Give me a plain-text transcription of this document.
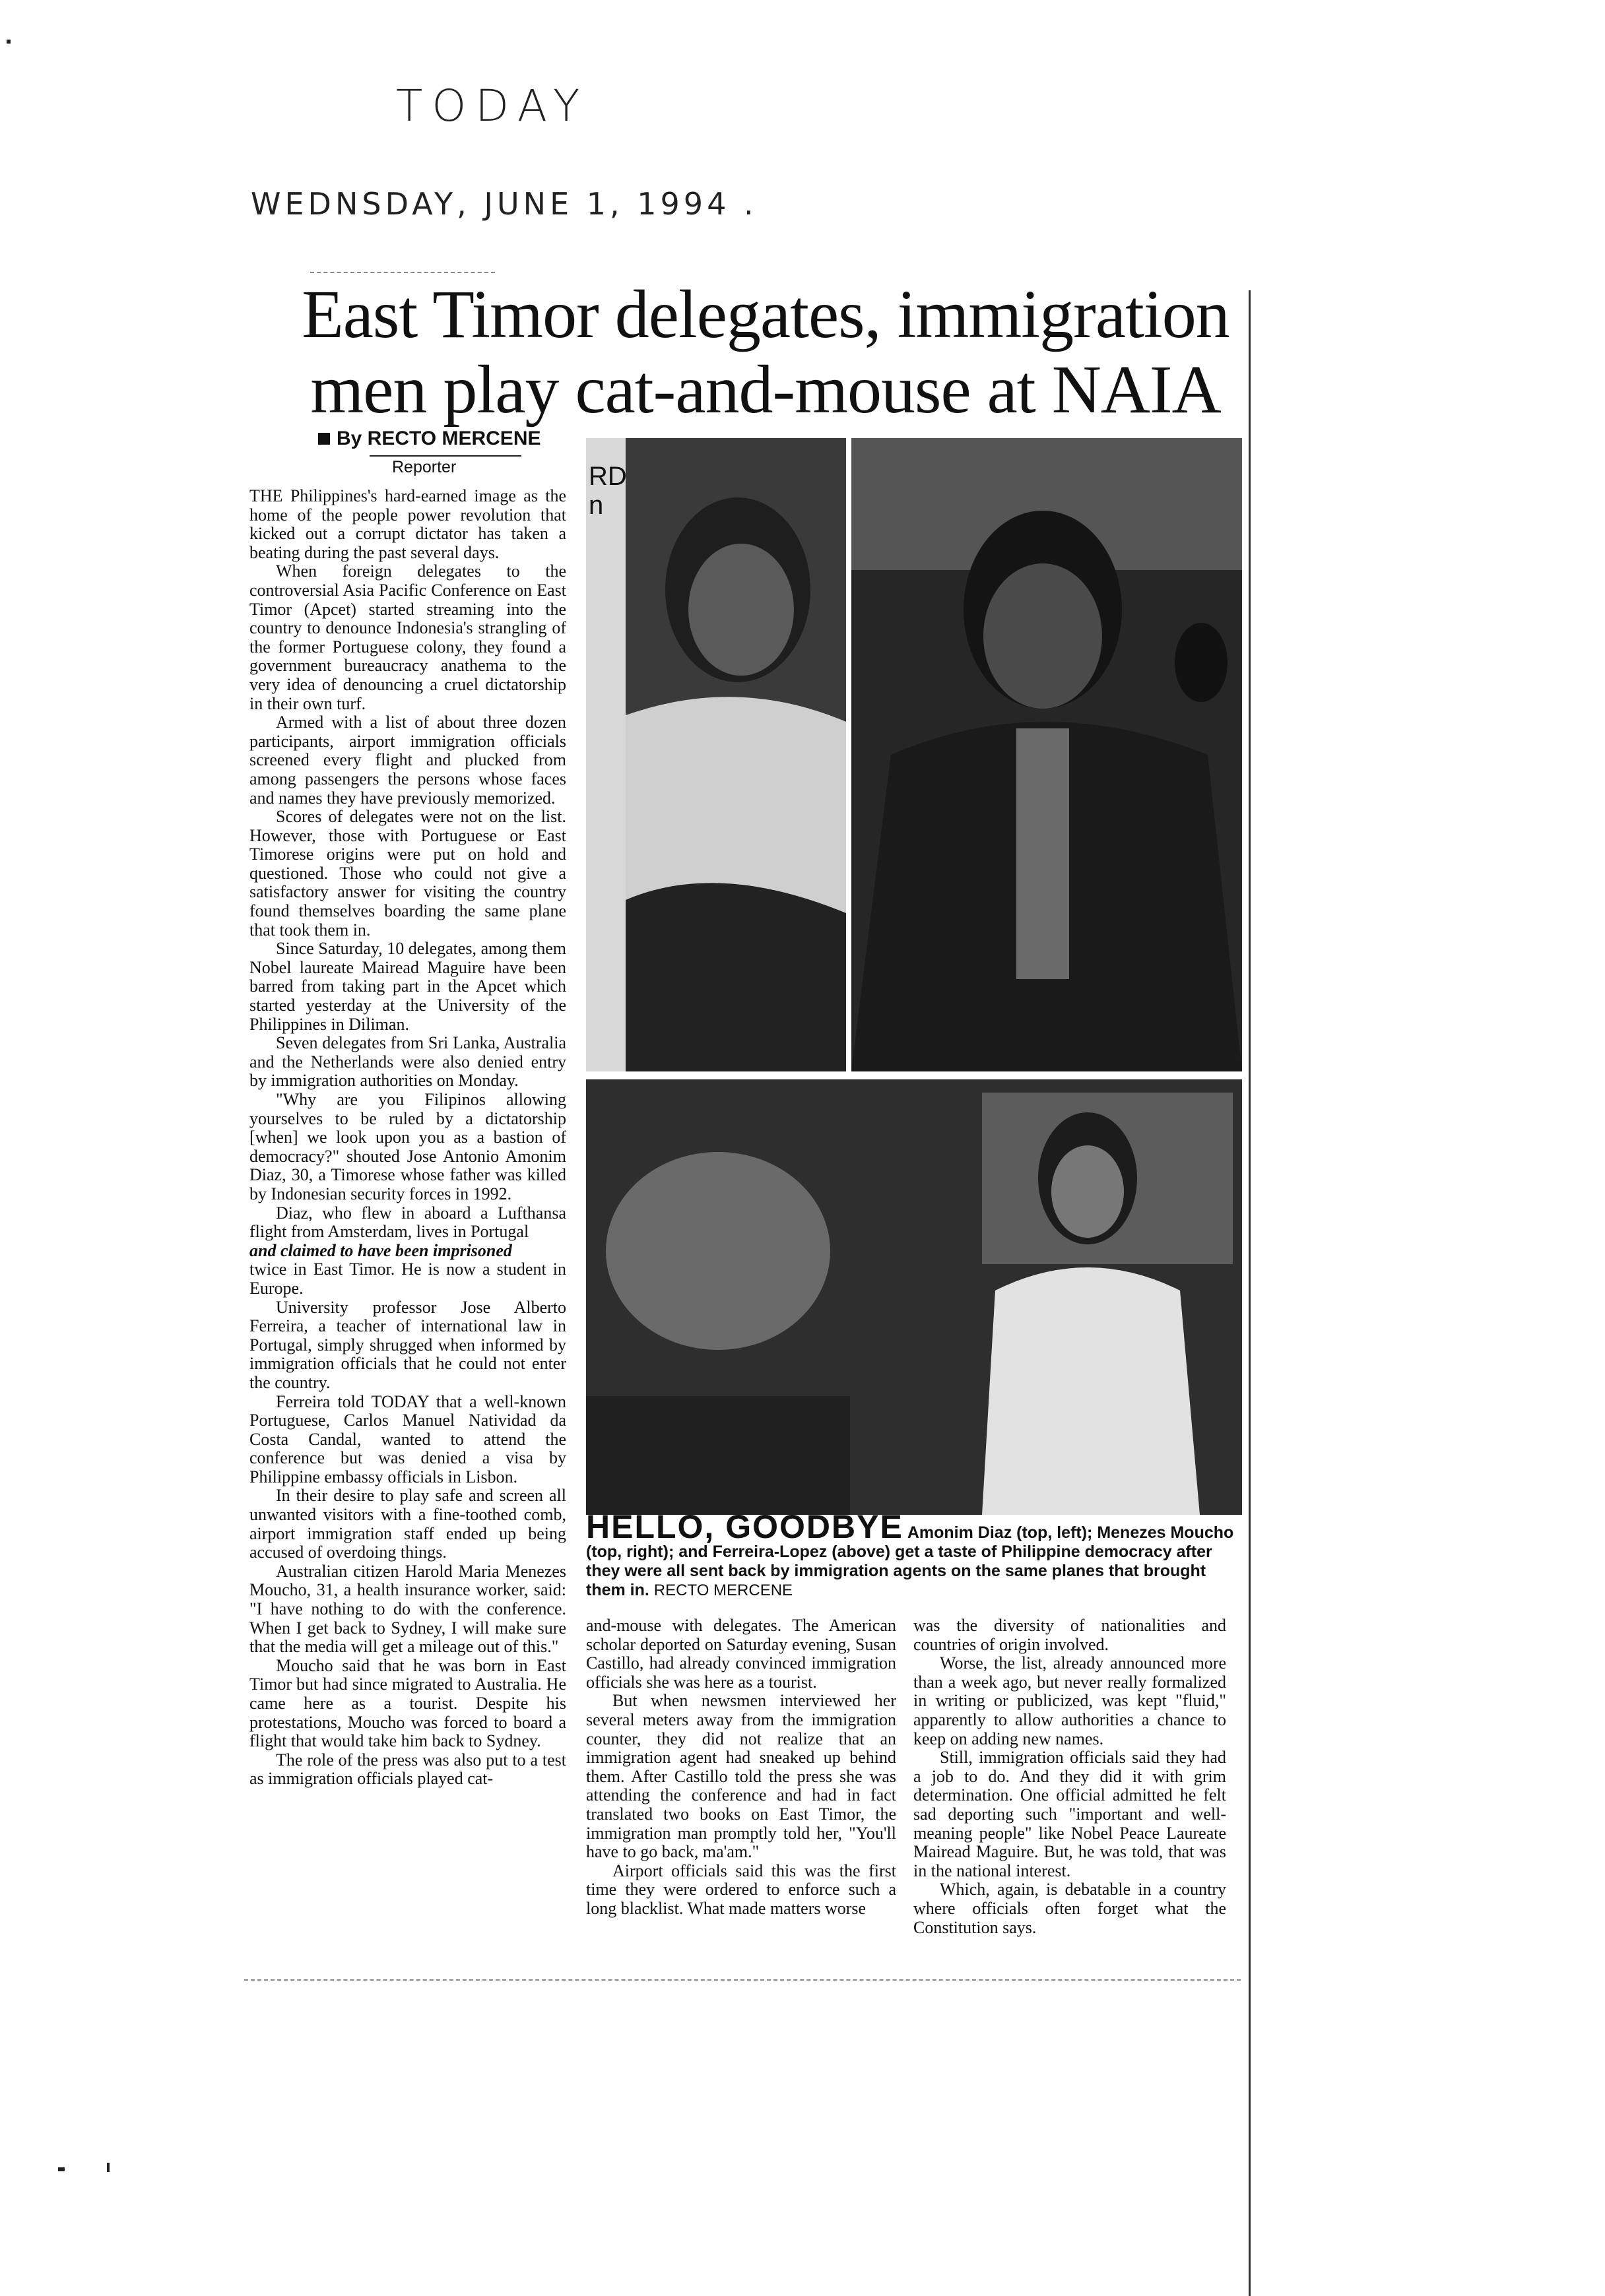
TODAY
WEDNSDAY, JUNE 1, 1994 .
East Timor delegates, immigration
men play cat-and-mouse at NAIA
By RECTO MERCENE
Reporter	RD
n
HELLO, GOODBYE Amonim Diaz (top, left); Menezes Moucho (top, right); and Ferreira-Lopez (above) get a taste of Philippine democracy after they were all sent back by immigration agents on the same planes that brought them in. RECTO MERCENE

THE Philippines's hard-earned image as the home of the people power revolution that kicked out a corrupt dictator has taken a beating during the past several days.

When foreign delegates to the controversial Asia Pacific Conference on East Timor (Apcet) started streaming into the country to denounce Indonesia's strangling of the former Portuguese colony, they found a government bureaucracy anathema to the very idea of denouncing a cruel dictatorship in their own turf.

Armed with a list of about three dozen participants, airport immigration officials screened every flight and plucked from among passengers the persons whose faces and names they have previously memorized.

Scores of delegates were not on the list. However, those with Portuguese or East Timorese origins were put on hold and questioned. Those who could not give a satisfactory answer for visiting the country found themselves boarding the same plane that took them in.

Since Saturday, 10 delegates, among them Nobel laureate Mairead Maguire have been barred from taking part in the Apcet which started yesterday at the University of the Philippines in Diliman.

Seven delegates from Sri Lanka, Australia and the Netherlands were also denied entry by immigration authorities on Monday.

"Why are you Filipinos allowing yourselves to be ruled by a dictatorship [when] we look upon you as a bastion of democracy?" shouted Jose Antonio Amonim Diaz, 30, a Timorese whose father was killed by Indonesian security forces in 1992.

Diaz, who flew in aboard a Lufthansa flight from Amsterdam, lives in Portugal

and claimed to have been imprisoned

twice in East Timor. He is now a student in Europe.

University professor Jose Alberto Ferreira, a teacher of international law in Portugal, simply shrugged when informed by immigration officials that he could not enter the country.

Ferreira told TODAY that a well-known Portuguese, Carlos Manuel Natividad da Costa Candal, wanted to attend the conference but was denied a visa by Philippine embassy officials in Lisbon.

In their desire to play safe and screen all unwanted visitors with a fine-toothed comb, airport immigration staff ended up being accused of overdoing things.

Australian citizen Harold Maria Menezes Moucho, 31, a health insurance worker, said: "I have nothing to do with the conference. When I get back to Sydney, I will make sure that the media will get a mileage out of this."

Moucho said that he was born in East Timor but had since migrated to Australia. He came here as a tourist. Despite his protestations, Moucho was forced to board a flight that would take him back to Sydney.

The role of the press was also put to a test as immigration officials played cat-

and-mouse with delegates. The American scholar deported on Saturday evening, Susan Castillo, had already convinced immigration officials she was here as a tourist.

But when newsmen interviewed her several meters away from the immigration counter, they did not realize that an immigration agent had sneaked up behind them. After Castillo told the press she was attending the conference and had in fact translated two books on East Timor, the immigration man promptly told her, "You'll have to go back, ma'am."

Airport officials said this was the first time they were ordered to enforce such a long blacklist. What made matters worse

was the diversity of nationalities and countries of origin involved.

Worse, the list, already announced more than a week ago, but never really formalized in writing or publicized, was kept "fluid," apparently to allow authorities a chance to keep on adding new names.

Still, immigration officials said they had a job to do. And they did it with grim determination. One official admitted he felt sad deporting such "important and well-meaning people" like Nobel Peace Laureate Mairead Maguire. But, he was told, that was in the national interest.

Which, again, is debatable in a country where officials often forget what the Constitution says.
